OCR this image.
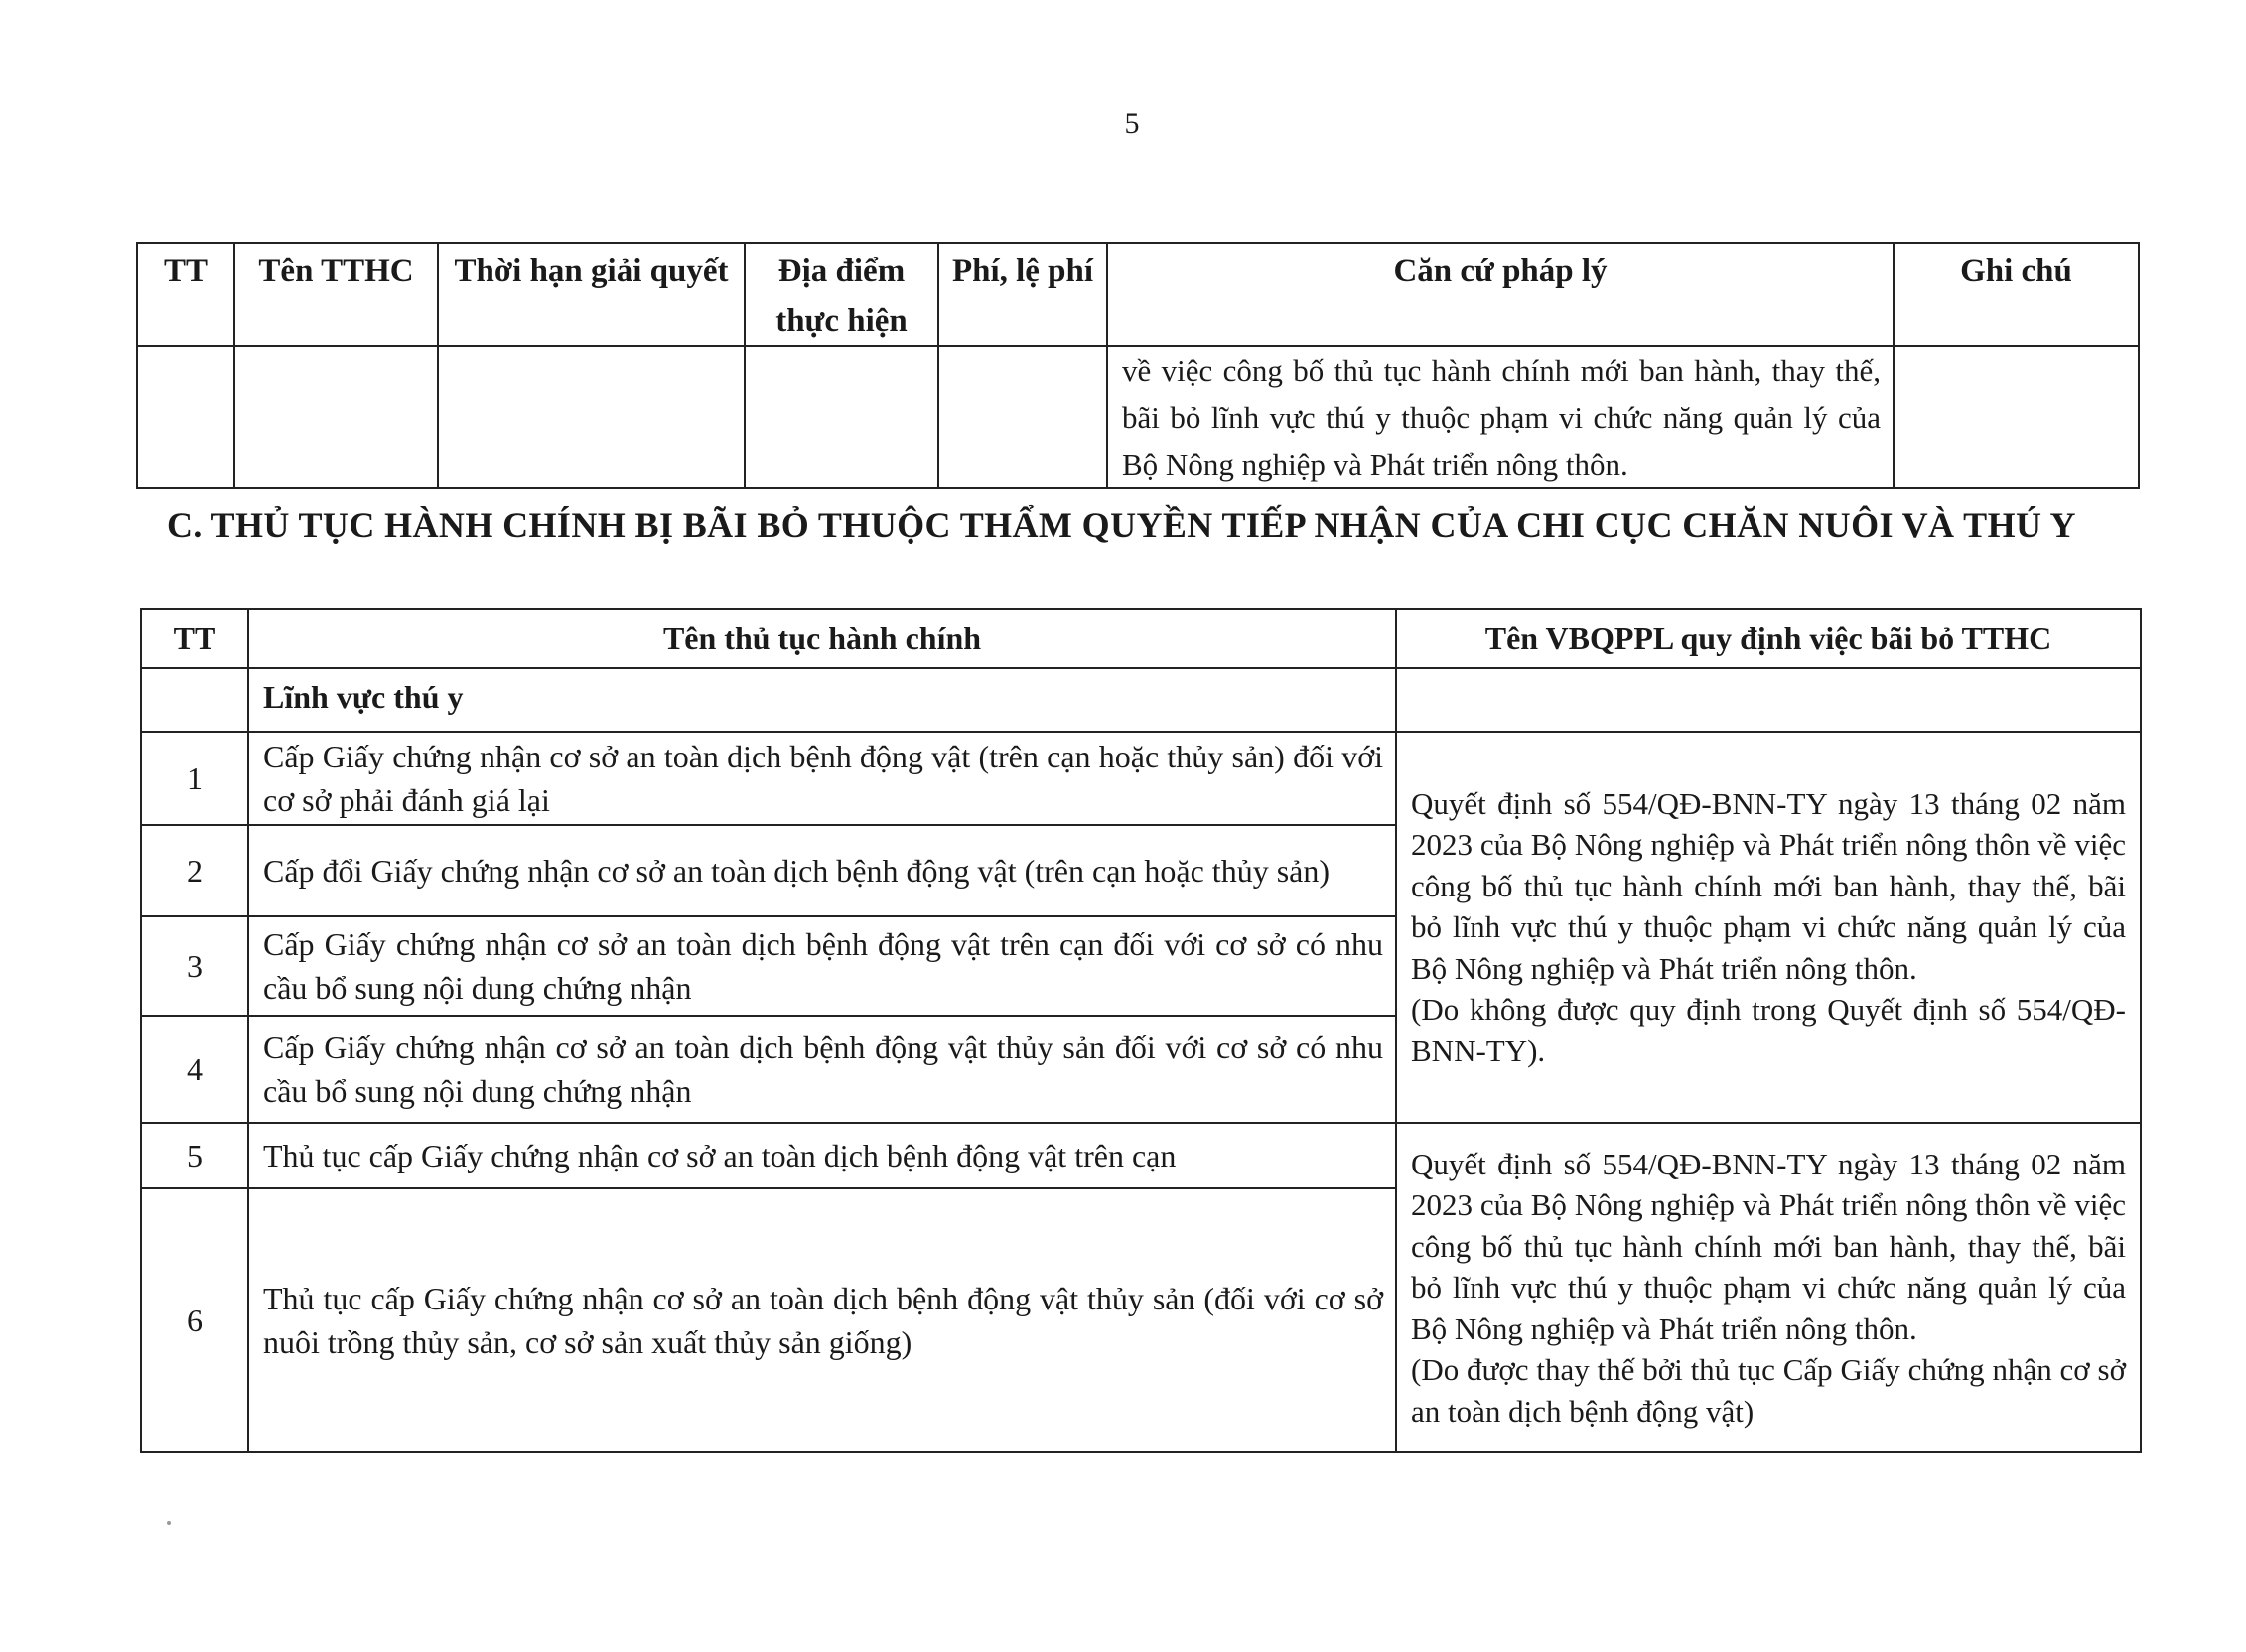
5
TT	Tên TTHC	Thời hạn giải quyết	Địa điểm thực hiện	Phí, lệ phí	Căn cứ pháp lý	Ghi chú
					về việc công bố thủ tục hành chính mới ban hành, thay thế, bãi bỏ lĩnh vực thú y thuộc phạm vi chức năng quản lý của Bộ Nông nghiệp và Phát triển nông thôn.	
C. THỦ TỤC HÀNH CHÍNH BỊ BÃI BỎ THUỘC THẨM QUYỀN TIẾP NHẬN CỦA CHI CỤC CHĂN NUÔI VÀ THÚ Y
TT	Tên thủ tục hành chính	Tên VBQPPL quy định việc bãi bỏ TTHC
	Lĩnh vực thú y	
1	Cấp Giấy chứng nhận cơ sở an toàn dịch bệnh động vật (trên cạn hoặc thủy sản) đối với cơ sở phải đánh giá lại	Quyết định số 554/QĐ-BNN-TY ngày 13 tháng 02 năm 2023 của Bộ Nông nghiệp và Phát triển nông thôn về việc công bố thủ tục hành chính mới ban hành, thay thế, bãi bỏ lĩnh vực thú y thuộc phạm vi chức năng quản lý của Bộ Nông nghiệp và Phát triển nông thôn.
(Do không được quy định trong Quyết định số 554/QĐ-BNN-TY).

2	Cấp đổi Giấy chứng nhận cơ sở an toàn dịch bệnh động vật (trên cạn hoặc thủy sản)	
3	Cấp Giấy chứng nhận cơ sở an toàn dịch bệnh động vật trên cạn đối với cơ sở có nhu cầu bổ sung nội dung chứng nhận	
4	Cấp Giấy chứng nhận cơ sở an toàn dịch bệnh động vật thủy sản đối với cơ sở có nhu cầu bổ sung nội dung chứng nhận	
5	Thủ tục cấp Giấy chứng nhận cơ sở an toàn dịch bệnh động vật trên cạn	Quyết định số 554/QĐ-BNN-TY ngày 13 tháng 02 năm 2023 của Bộ Nông nghiệp và Phát triển nông thôn về việc công bố thủ tục hành chính mới ban hành, thay thế, bãi bỏ lĩnh vực thú y thuộc phạm vi chức năng quản lý của Bộ Nông nghiệp và Phát triển nông thôn.
(Do được thay thế bởi thủ tục Cấp Giấy chứng nhận cơ sở an toàn dịch bệnh động vật)

6	Thủ tục cấp Giấy chứng nhận cơ sở an toàn dịch bệnh động vật thủy sản (đối với cơ sở nuôi trồng thủy sản, cơ sở sản xuất thủy sản giống)	
